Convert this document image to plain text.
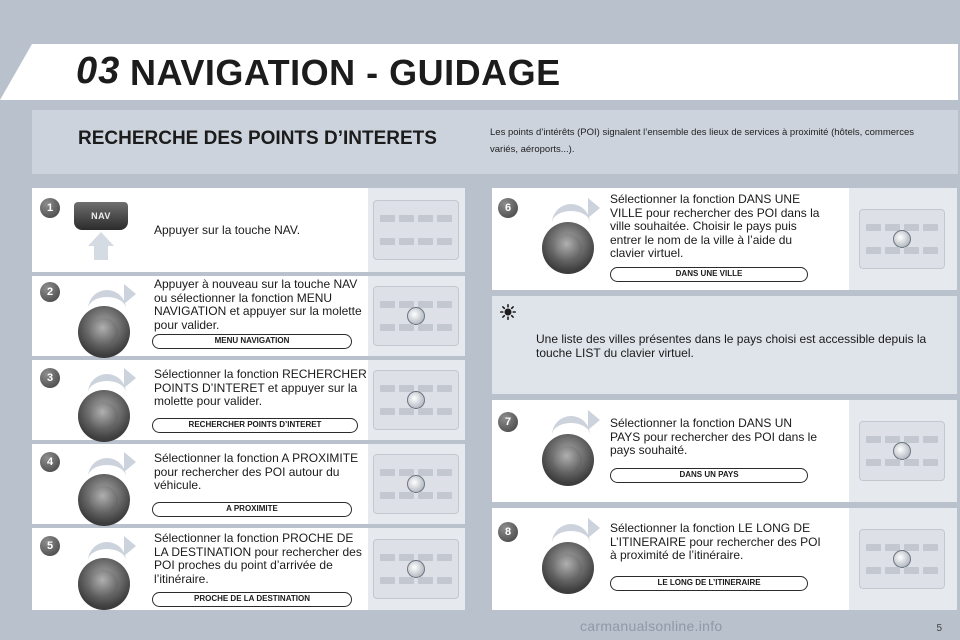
03 NAVIGATION - GUIDAGE
RECHERCHE DES POINTS D’INTERETS	Les points d’intérêts (POI) signalent l’ensemble des lieux de services à proximité (hôtels, commerces variés, aéroports...).
1
NAV
Appuyer sur la touche NAV.
2
Appuyer à nouveau sur la touche NAV ou sélectionner la fonction MENU NAVIGATION et appuyer sur la molette pour valider.
MENU NAVIGATION
3	Sélectionner la fonction RECHERCHER POINTS D’INTERET et appuyer sur la molette pour valider.
RECHERCHER POINTS D’INTERET
4	Sélectionner la fonction A PROXIMITE pour rechercher des POI autour du véhicule.
A PROXIMITE
5
Sélectionner la fonction PROCHE DE LA DESTINATION pour rechercher des POI proches du point d’arrivée de l’itinéraire.
PROCHE DE LA DESTINATION
6
Sélectionner la fonction DANS UNE VILLE pour rechercher des POI dans la ville souhaitée. Choisir le pays puis entrer le nom de la ville à l’aide du clavier virtuel.
DANS UNE VILLE
Une liste des villes présentes dans le pays choisi est accessible depuis la touche LIST du clavier virtuel.
7	Sélectionner la fonction DANS UN PAYS pour rechercher des POI dans le pays souhaité.
DANS UN PAYS
8	Sélectionner la fonction LE LONG DE L’ITINERAIRE pour rechercher des POI à proximité de l’itinéraire.
LE LONG DE L’ITINERAIRE
5
carmanualsonline.info
